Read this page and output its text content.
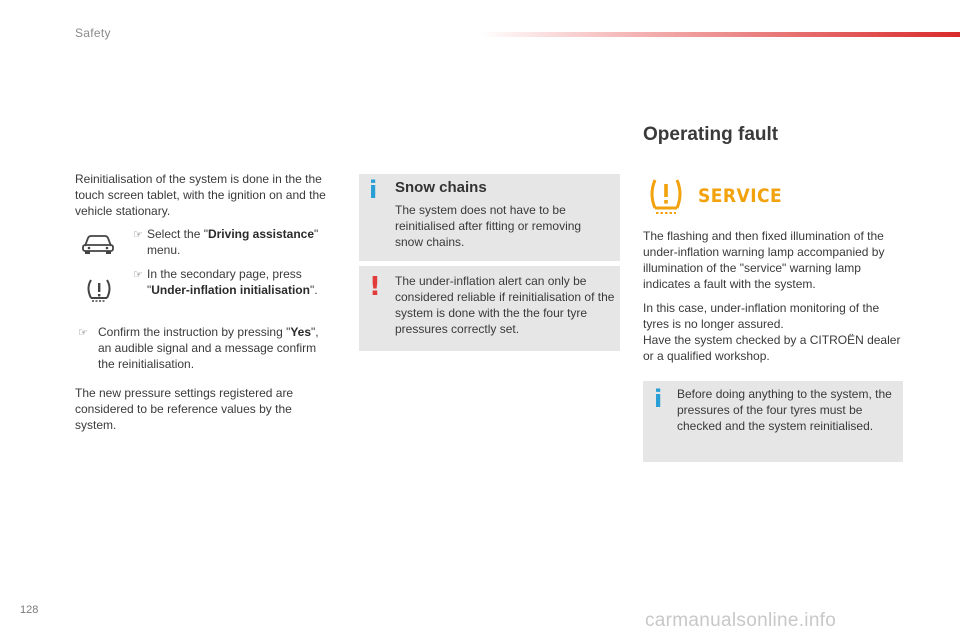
Safety
Reinitialisation of the system is done in the the touch screen tablet, with the ignition on and the vehicle stationary.
☞ Select the "Driving assistance" menu.
☞ In the secondary page, press "Under-inflation initialisation".
☞ Confirm the instruction by pressing "Yes", an audible signal and a message confirm the reinitialisation.
The new pressure settings registered are considered to be reference values by the system.
i Snow chains
The system does not have to be reinitialised after fitting or removing snow chains.
! The under-inflation alert can only be considered reliable if reinitialisation of the system is done with the the four tyre pressures correctly set.
Operating fault
SERVICE
The flashing and then fixed illumination of the under-inflation warning lamp accompanied by illumination of the "service" warning lamp indicates a fault with the system.
In this case, under-inflation monitoring of the tyres is no longer assured.
Have the system checked by a CITROËN dealer or a qualified workshop.
i Before doing anything to the system, the pressures of the four tyres must be checked and the system reinitialised.
128	carmanualsonline.info
